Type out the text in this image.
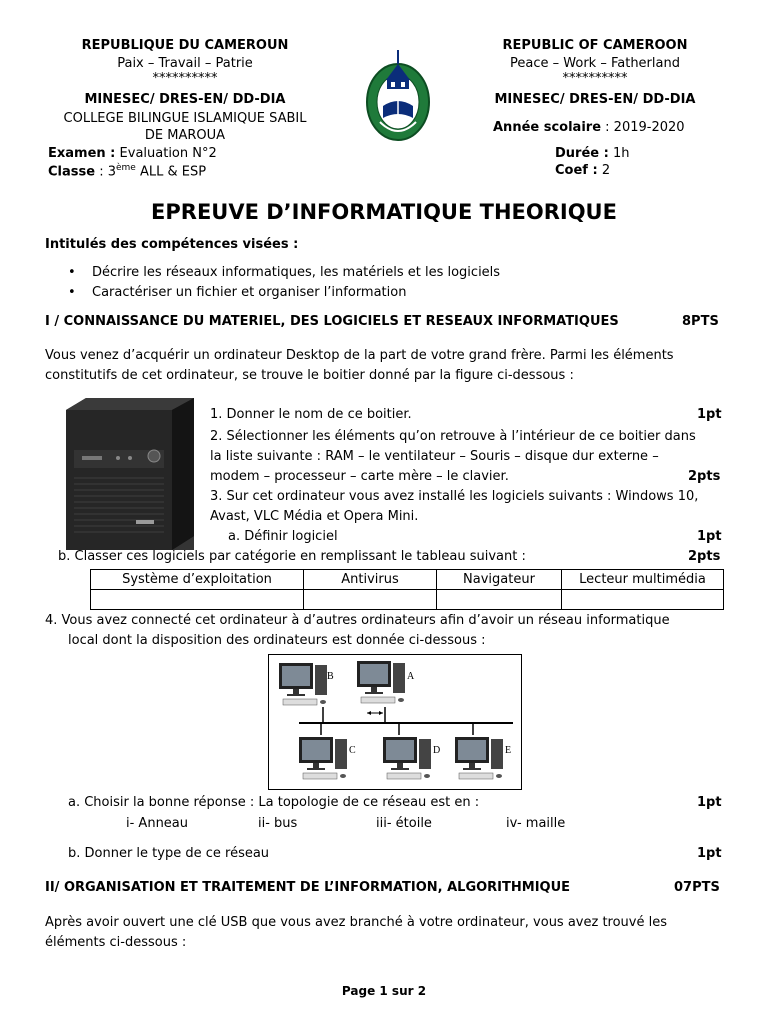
REPUBLIQUE DU CAMEROUN
Paix – Travail – Patrie
**********
MINESEC/ DRES-EN/ DD-DIA
COLLEGE BILINGUE ISLAMIQUE SABIL
DE MAROUA
Examen : Evaluation N°2
Classe : 3ème ALL & ESP
REPUBLIC OF CAMEROON
Peace – Work – Fatherland
**********
MINESEC/ DRES-EN/ DD-DIA
Année scolaire : 2019-2020
Durée : 1h
Coef : 2
EPREUVE D’INFORMATIQUE THEORIQUE
Intitulés des compétences visées :
• Décrire les réseaux informatiques, les matériels et les logiciels
• Caractériser un fichier et organiser l’information
I / CONNAISSANCE DU MATERIEL, DES LOGICIELS ET RESEAUX INFORMATIQUES	8PTS
Vous venez d’acquérir un ordinateur Desktop de la part de votre grand frère. Parmi les éléments
constitutifs de cet ordinateur, se trouve le boitier donné par la figure ci-dessous :
1. Donner le nom de ce boitier.	1pt
2. Sélectionner les éléments qu’on retrouve à l’intérieur de ce boitier dans
la liste suivante : RAM – le ventilateur – Souris – disque dur externe –
modem – processeur – carte mère – le clavier.	2pts
3. Sur cet ordinateur vous avez installé les logiciels suivants : Windows 10,
Avast, VLC Média et Opera Mini.
a. Définir logiciel	1pt
b. Classer ces logiciels par catégorie en remplissant le tableau suivant :	2pts
Système d’exploitation	Antivirus	Navigateur	Lecteur multimédia

4. Vous avez connecté cet ordinateur à d’autres ordinateurs afin d’avoir un réseau informatique
local dont la disposition des ordinateurs est donnée ci-dessous :
B	A
C	D	E
a. Choisir la bonne réponse : La topologie de ce réseau est en :	1pt
i- Anneau	ii- bus	iii- étoile	iv- maille
b. Donner le type de ce réseau	1pt
II/ ORGANISATION ET TRAITEMENT DE L’INFORMATION, ALGORITHMIQUE	07PTS
Après avoir ouvert une clé USB que vous avez branché à votre ordinateur, vous avez trouvé les
éléments ci-dessous :
Page 1 sur 2
